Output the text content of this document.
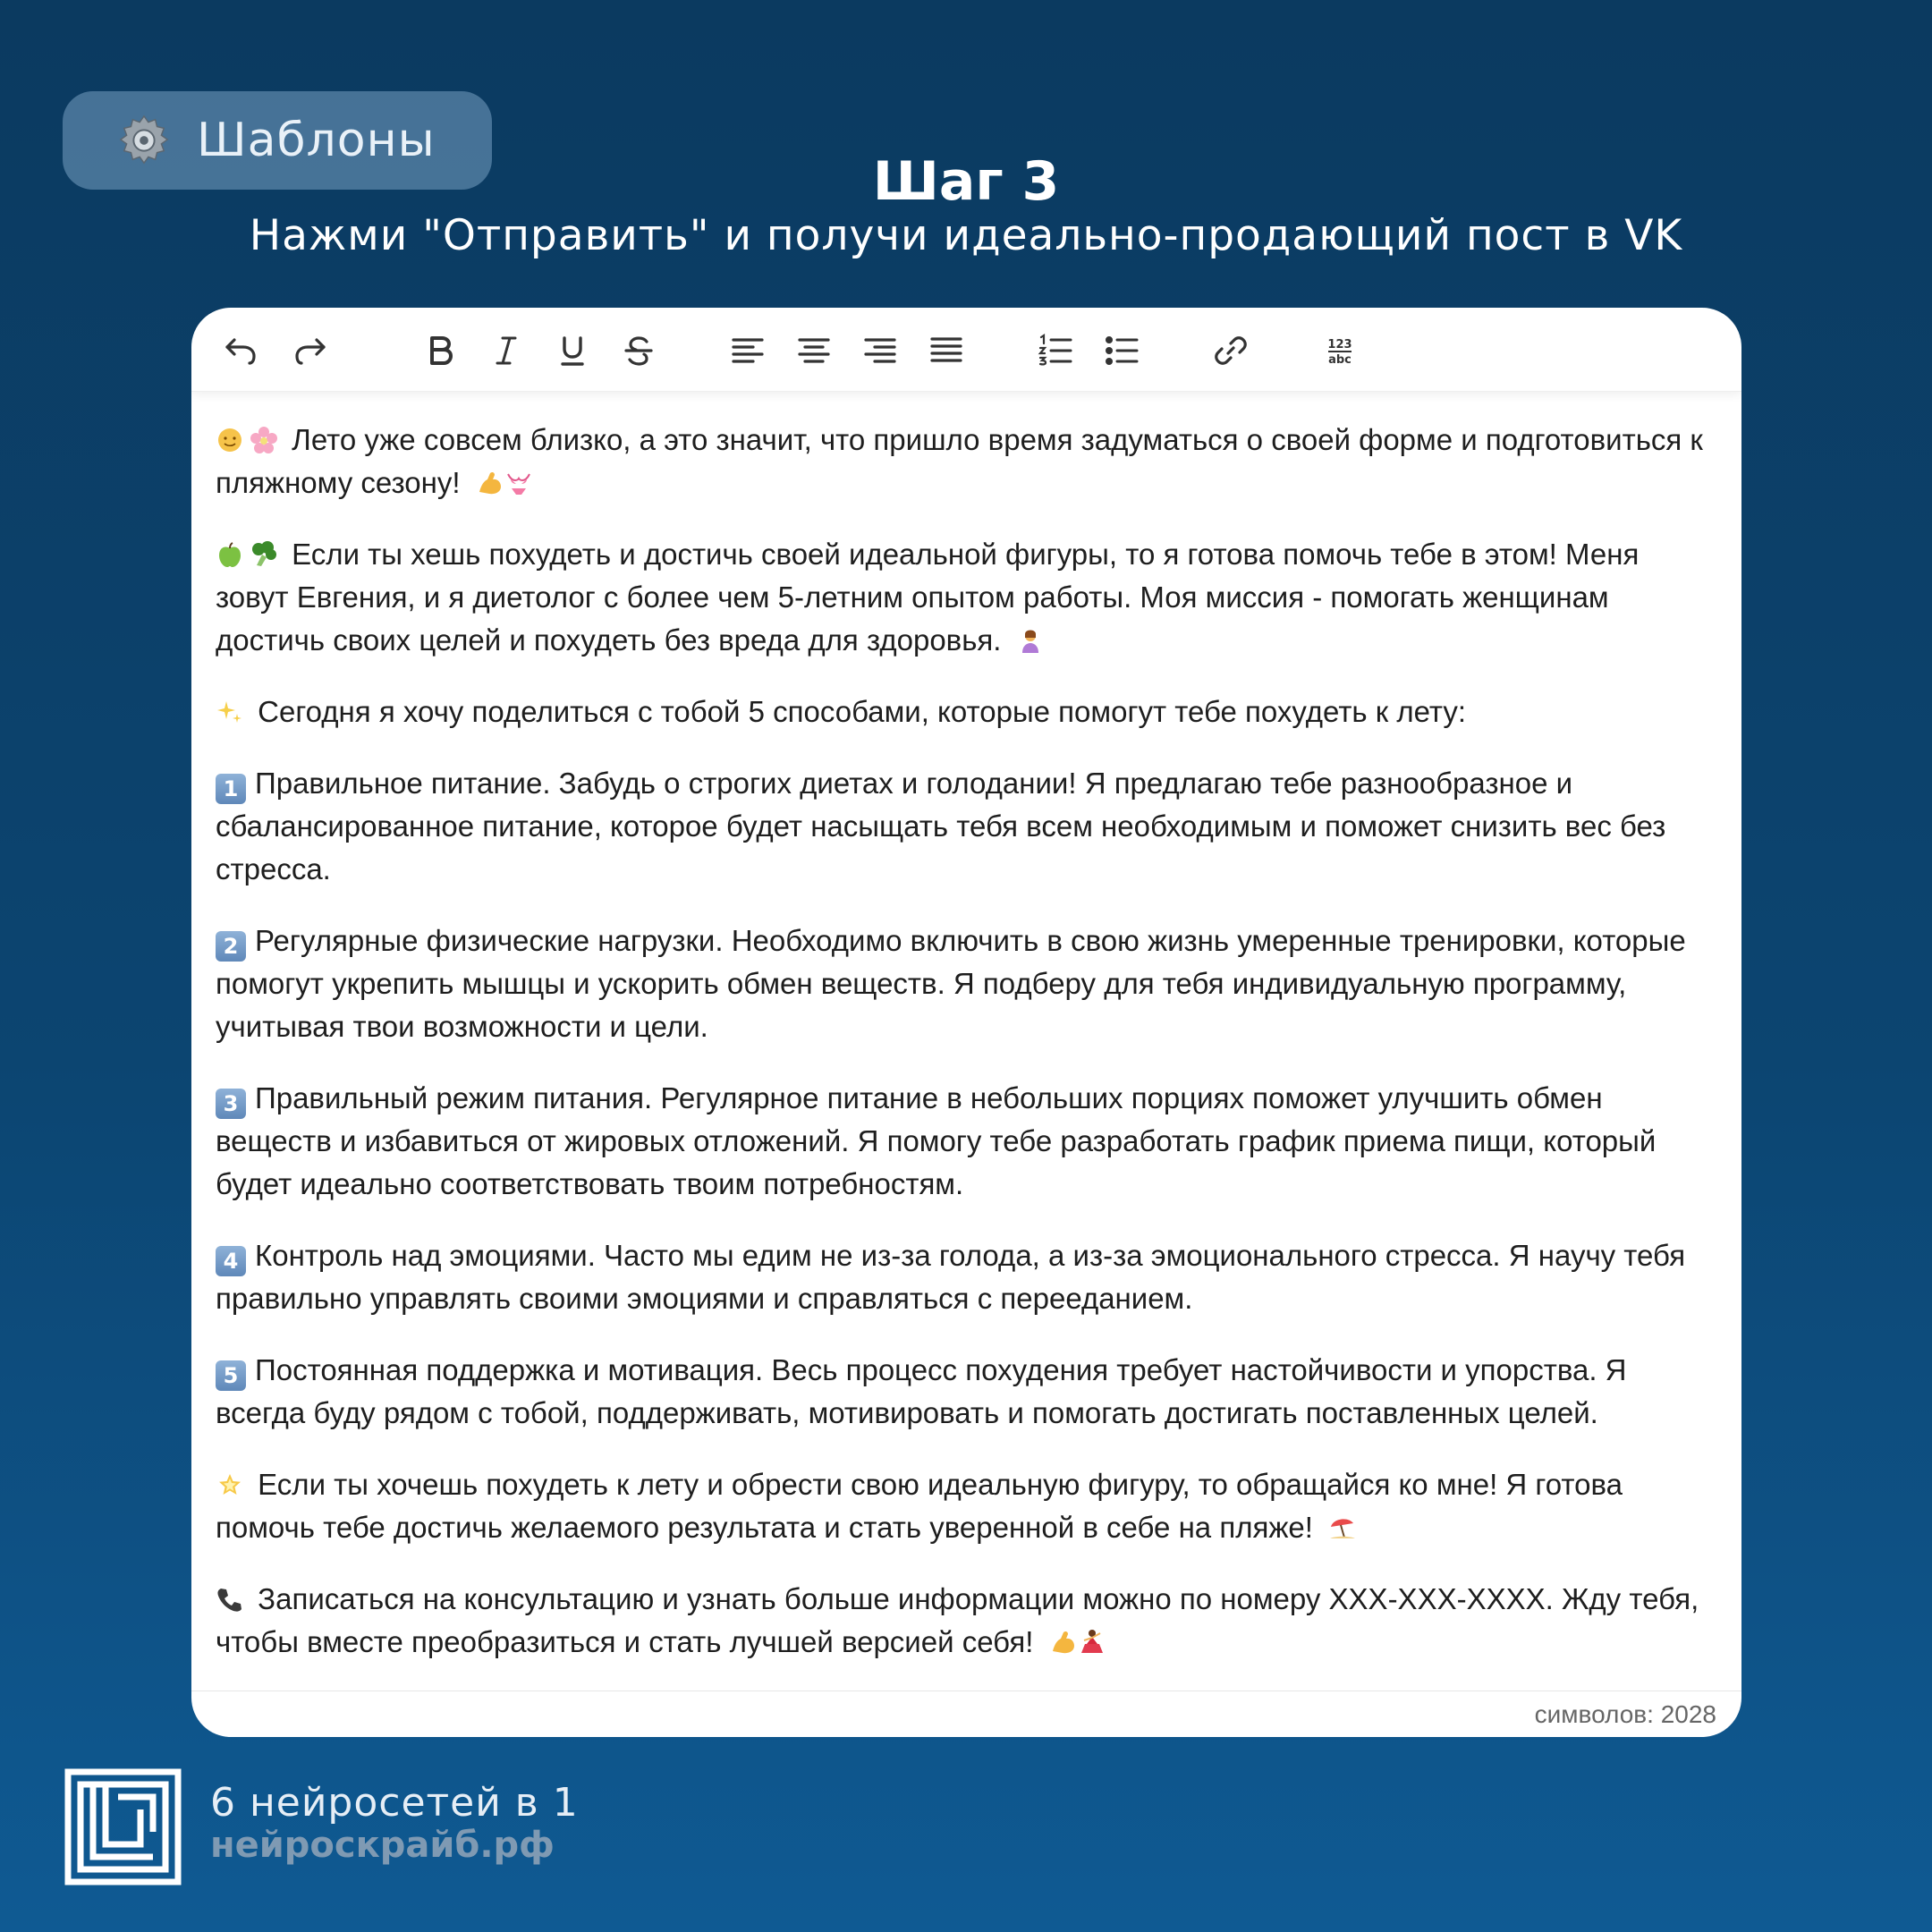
Шаблоны
Шаг 3
Нажми "Отправить" и получи идеально-продающий пост в VK
123
abc

Лето уже совсем близко, а это значит, что пришло время задуматься о своей форме и подготовиться к пляжному сезону!

Если ты хешь похудеть и достичь своей идеальной фигуры, то я готова помочь тебе в этом! Меня зовут Евгения, и я диетолог с более чем 5-летним опытом работы. Моя миссия - помогать женщинам достичь своих целей и похудеть без вреда для здоровья.

Сегодня я хочу поделиться с тобой 5 способами, которые помогут тебе похудеть к лету:

1 Правильное питание. Забудь о строгих диетах и голодании! Я предлагаю тебе разнообразное и сбалансированное питание, которое будет насыщать тебя всем необходимым и поможет снизить вес без стресса.

2 Регулярные физические нагрузки. Необходимо включить в свою жизнь умеренные тренировки, которые помогут укрепить мышцы и ускорить обмен веществ. Я подберу для тебя индивидуальную программу, учитывая твои возможности и цели.

3 Правильный режим питания. Регулярное питание в небольших порциях поможет улучшить обмен веществ и избавиться от жировых отложений. Я помогу тебе разработать график приема пищи, который будет идеально соответствовать твоим потребностям.

4 Контроль над эмоциями. Часто мы едим не из-за голода, а из-за эмоционального стресса. Я научу тебя правильно управлять своими эмоциями и справляться с перееданием.

5 Постоянная поддержка и мотивация. Весь процесс похудения требует настойчивости и упорства. Я всегда буду рядом с тобой, поддерживать, мотивировать и помогать достигать поставленных целей.

Если ты хочешь похудеть к лету и обрести свою идеальную фигуру, то обращайся ко мне! Я готова помочь тебе достичь желаемого результата и стать уверенной в себе на пляже!

Записаться на консультацию и узнать больше информации можно по номеру XXX-XXX-XXXX. Жду тебя, чтобы вместе преобразиться и стать лучшей версией себя!

символов: 2028
6 нейросетей в 1
нейроскрайб.рф
